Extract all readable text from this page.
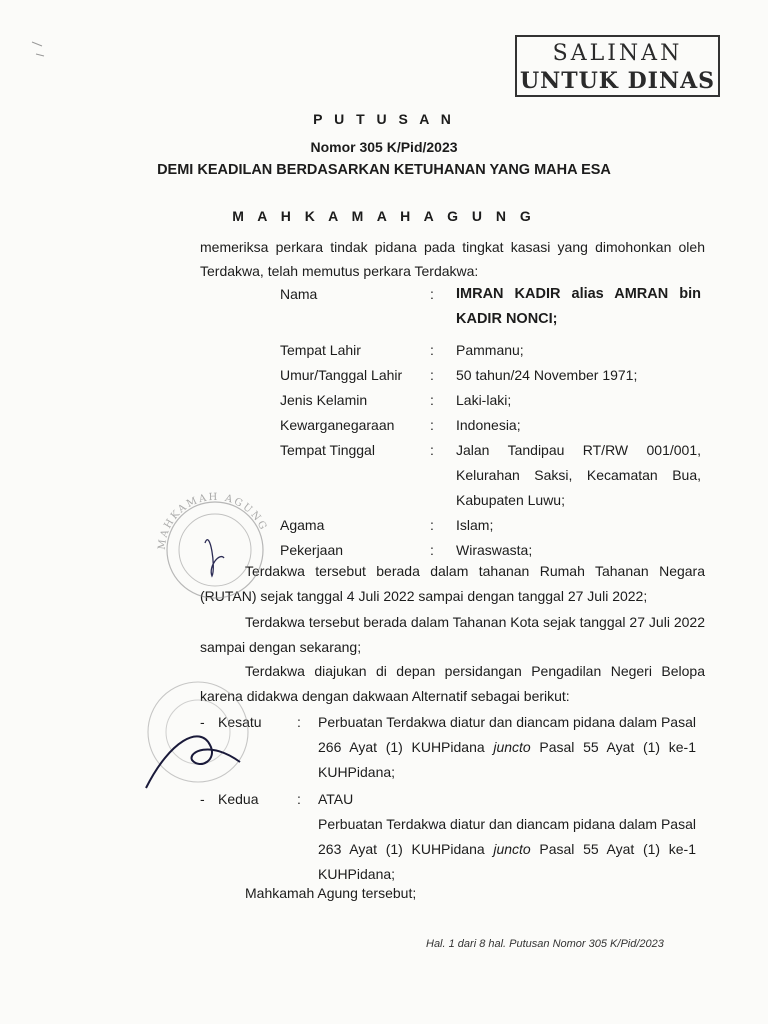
SALINAN
UNTUK DINAS
P U T U S A N
Nomor 305 K/Pid/2023
DEMI KEADILAN BERDASARKAN KETUHANAN YANG MAHA ESA
M A H K A M A H A G U N G
memeriksa perkara tindak pidana pada tingkat kasasi yang dimohonkan oleh Terdakwa, telah memutus perkara Terdakwa:
Nama	:	IMRAN KADIR alias AMRAN bin KADIR NONCI;
Tempat Lahir	:	Pammanu;
Umur/Tanggal Lahir	:	50 tahun/24 November 1971;
Jenis Kelamin	:	Laki-laki;
Kewarganegaraan	:	Indonesia;
Tempat Tinggal	:	Jalan Tandipau RT/RW 001/001, Kelurahan Saksi, Kecamatan Bua, Kabupaten Luwu;
Agama	:	Islam;
Pekerjaan	:	Wiraswasta;
Terdakwa tersebut berada dalam tahanan Rumah Tahanan Negara (RUTAN) sejak tanggal 4 Juli 2022 sampai dengan tanggal 27 Juli 2022;
Terdakwa tersebut berada dalam Tahanan Kota sejak tanggal 27 Juli 2022 sampai dengan sekarang;
Terdakwa diajukan di depan persidangan Pengadilan Negeri Belopa karena didakwa dengan dakwaan Alternatif sebagai berikut:
- Kesatu	: Perbuatan Terdakwa diatur dan diancam pidana dalam Pasal 266 Ayat (1) KUHPidana juncto Pasal 55 Ayat (1) ke-1 KUHPidana;
- Kedua	: ATAU
Perbuatan Terdakwa diatur dan diancam pidana dalam Pasal 263 Ayat (1) KUHPidana juncto Pasal 55 Ayat (1) ke-1 KUHPidana;
Mahkamah Agung tersebut;
Hal. 1 dari 8 hal. Putusan Nomor 305 K/Pid/2023
MAHKAMAH AGUNG
